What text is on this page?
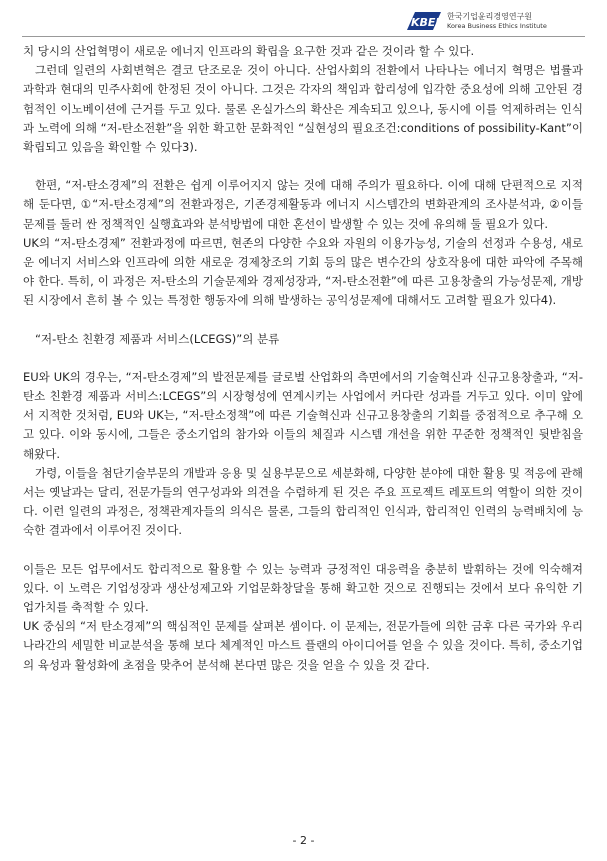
KBEI 한국기업윤리경영연구원
Korea Business Ethics Institute

치 당시의 산업혁명이 새로운 에너지 인프라의 확립을 요구한 것과 같은 것이라 할 수 있다.

그런데 일련의 사회변혁은 결코 단조로운 것이 아니다. 산업사회의 전환에서 나타나는 에너지 혁명은 법률과 과학과 현대의 민주사회에 한정된 것이 아니다. 그것은 각자의 책임과 합리성에 입각한 중요성에 의해 고안된 경험적인 이노베이션에 근거를 두고 있다. 물론 온실가스의 확산은 계속되고 있으나, 동시에 이를 억제하려는 인식과 노력에 의해 “저-탄소전환”을 위한 확고한 문화적인 “실현성의 필요조건:conditions of possibility-Kant”이 확립되고 있음을 확인할 수 있다3).

한편, “저-탄소경제”의 전환은 쉽게 이루어지지 않는 것에 대해 주의가 필요하다. 이에 대해 단편적으로 지적해 둔다면, ①“저-탄소경제”의 전환과정은, 기존경제활동과 에너지 시스템간의 변화관계의 조사분석과, ②이들 문제를 둘러 싼 정책적인 실행효과와 분석방법에 대한 혼선이 발생할 수 있는 것에 유의해 둘 필요가 있다.

UK의 “저-탄소경제” 전환과정에 따르면, 현존의 다양한 수요와 자원의 이용가능성, 기술의 선정과 수용성, 새로운 에너지 서비스와 인프라에 의한 새로운 경제창조의 기회 등의 많은 변수간의 상호작용에 대한 파악에 주목해야 한다. 특히, 이 과정은 저-탄소의 기술문제와 경제성장과, “저-탄소전환”에 따른 고용창출의 가능성문제, 개방된 시장에서 흔히 볼 수 있는 특정한 행동자에 의해 발생하는 공익성문제에 대해서도 고려할 필요가 있다4).

“저-탄소 친환경 제품과 서비스(LCEGS)”의 분류

EU와 UK의 경우는, “저-탄소경제”의 발전문제를 글로벌 산업화의 측면에서의 기술혁신과 신규고용창출과, “저-탄소 친환경 제품과 서비스:LCEGS”의 시장형성에 연계시키는 사업에서 커다란 성과를 거두고 있다. 이미 앞에서 지적한 것처럼, EU와 UK는, “저-탄소정책”에 따른 기술혁신과 신규고용창출의 기회를 중점적으로 추구해 오고 있다. 이와 동시에, 그들은 중소기업의 참가와 이들의 체질과 시스템 개선을 위한 꾸준한 정책적인 뒷받침을 해왔다.

가령, 이들을 첨단기술부문의 개발과 응용 및 실용부문으로 세분화해, 다양한 분야에 대한 활용 및 적응에 관해서는 옛날과는 달리, 전문가들의 연구성과와 의견을 수렴하게 된 것은 주요 프로젝트 레포트의 역할이 의한 것이다. 이런 일련의 과정은, 정책관계자들의 의식은 물론, 그들의 합리적인 인식과, 합리적인 인력의 능력배치에 능숙한 결과에서 이루어진 것이다.

이들은 모든 업무에서도 합리적으로 활용할 수 있는 능력과 긍정적인 대응력을 충분히 발휘하는 것에 익숙해져 있다. 이 노력은 기업성장과 생산성제고와 기업문화창달을 통해 확고한 것으로 진행되는 것에서 보다 유익한 기업가치를 축적할 수 있다.

UK 중심의 “저 탄소경제”의 핵심적인 문제를 살펴본 셈이다. 이 문제는, 전문가들에 의한 금후 다른 국가와 우리나라간의 세밀한 비교분석을 통해 보다 체계적인 마스트 플랜의 아이디어를 얻을 수 있을 것이다. 특히, 중소기업의 육성과 활성화에 초점을 맞추어 분석해 본다면 많은 것을 얻을 수 있을 것 같다.

- 2 -
